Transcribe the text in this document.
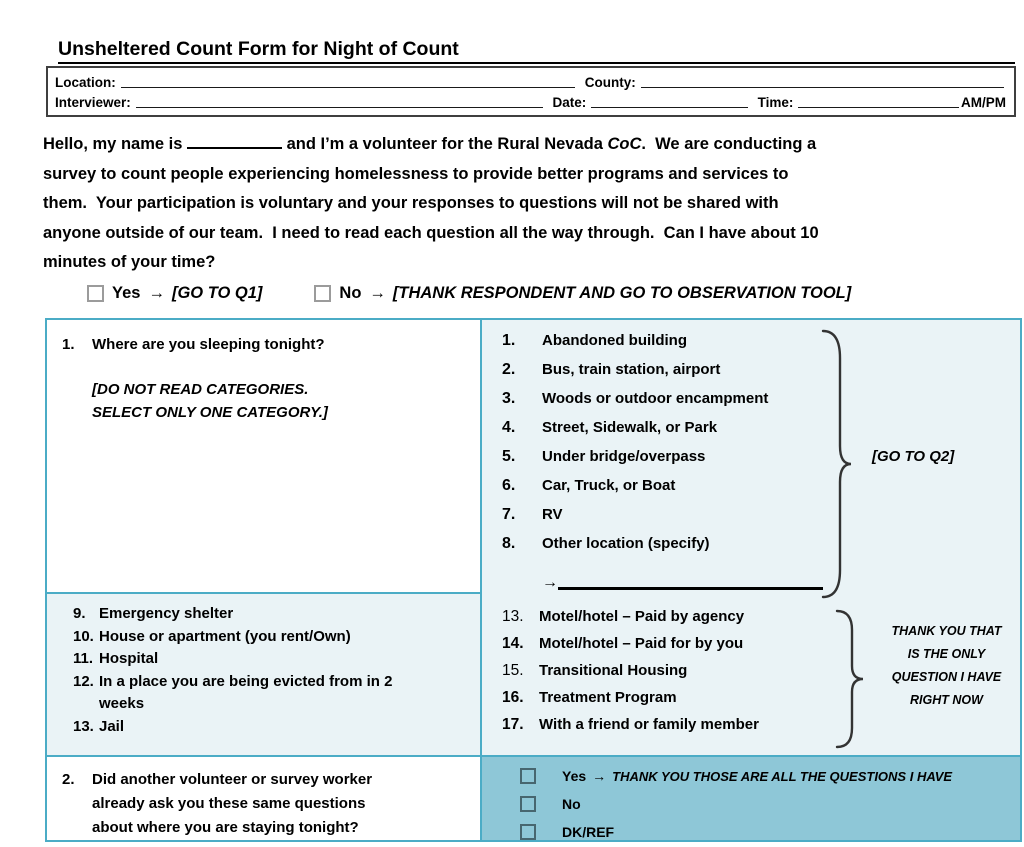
Unsheltered Count Form for Night of Count
Location:	County:
Interviewer:	Date:	Time:	AM/PM
Hello, my name is	and I’m a volunteer for the Rural Nevada CoC.  We are conducting a
survey to count people experiencing homelessness to provide better programs and services to
them.  Your participation is voluntary and your responses to questions will not be shared with
anyone outside of our team.  I need to read each question all the way through.  Can I have about 10
minutes of your time?
Yes → [GO TO Q1]	No → [THANK RESPONDENT AND GO TO OBSERVATION TOOL]
1.	Where are you sleeping tonight?
[DO NOT READ CATEGORIES.  SELECT ONLY ONE CATEGORY.]
9. Emergency shelter
10. House or apartment (you rent/Own)
11. Hospital
12. In a place you are being evicted from in 2 weeks
13. Jail
2.	Did another volunteer or survey worker already ask you these same questions about where you are staying tonight?
1.	Abandoned building
2.	Bus, train station, airport
3.	Woods or outdoor encampment
4.	Street, Sidewalk, or Park
5.	Under bridge/overpass
6.	Car, Truck, or Boat
7.	RV
8.	Other location (specify)
→
13.	Motel/hotel – Paid by agency
14.	Motel/hotel – Paid for by you
15.	Transitional Housing
16.	Treatment Program
17.	With a friend or family member
[GO TO Q2]
THANK YOU THAT
IS THE ONLY
QUESTION I HAVE
RIGHT NOW
Yes → THANK YOU THOSE ARE ALL THE QUESTIONS I HAVE
No
DK/REF
